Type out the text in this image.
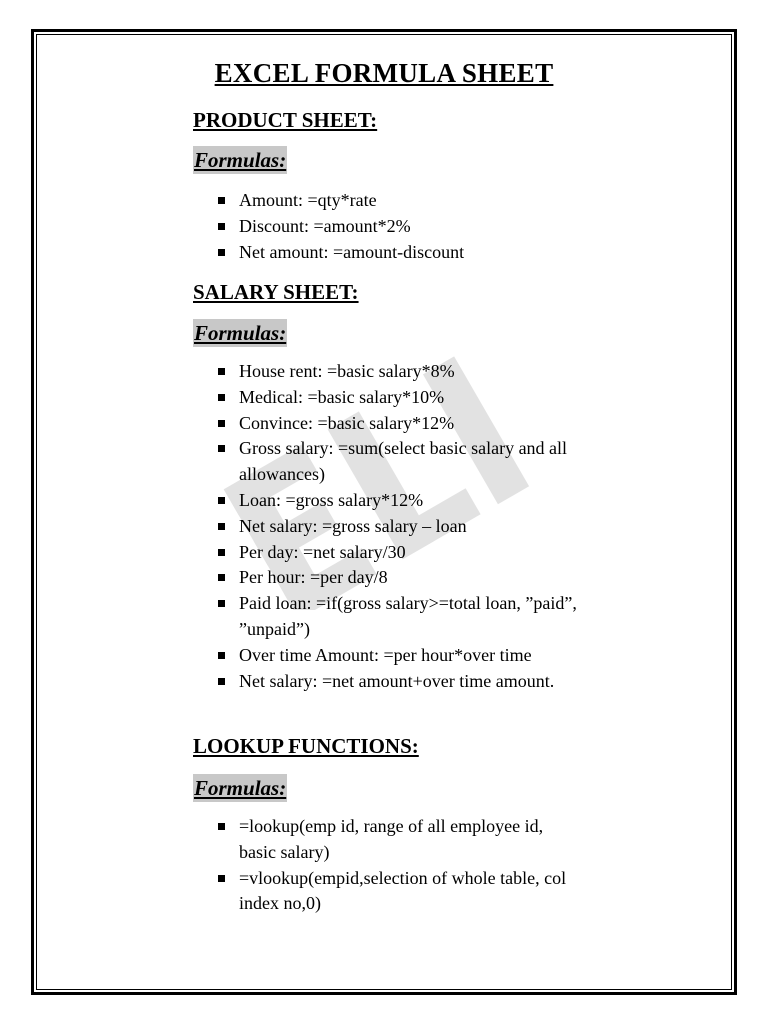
EXCEL FORMULA SHEET
PRODUCT SHEET:
Formulas:
Amount: =qty*rate
Discount: =amount*2%
Net amount: =amount-discount
SALARY SHEET:
Formulas:
House rent: =basic salary*8%
Medical: =basic salary*10%
Convince: =basic salary*12%
Gross salary: =sum(select basic salary and all allowances)
Loan: =gross salary*12%
Net salary: =gross salary – loan
Per day: =net salary/30
Per hour: =per day/8
Paid loan: =if(gross salary>=total loan, ”paid”, ”unpaid”)
Over time Amount: =per hour*over time
Net salary: =net amount+over time amount.
LOOKUP FUNCTIONS:
Formulas:
=lookup(emp id, range of all employee id, basic salary)
=vlookup(empid,selection of whole table, col index no,0)
